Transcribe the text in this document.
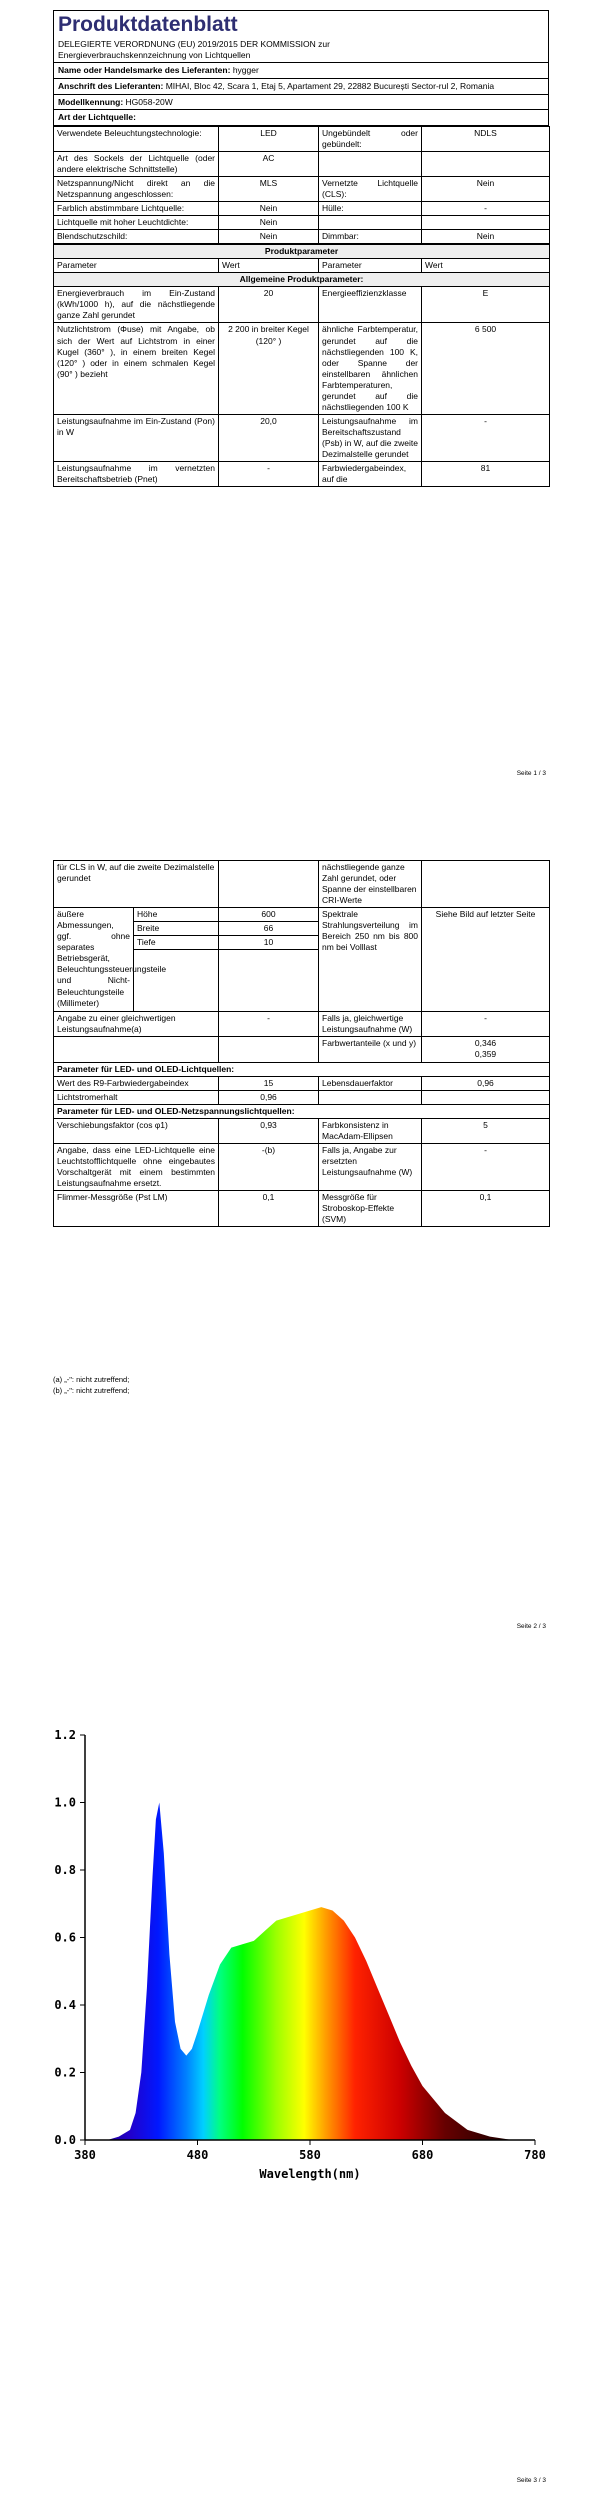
Produktdatenblatt
DELEGIERTE VERORDNUNG (EU) 2019/2015 DER KOMMISSION zur Energieverbrauchskennzeichnung von Lichtquellen
Name oder Handelsmarke des Lieferanten: hygger
Anschrift des Lieferanten: MIHAI, Bloc 42, Scara 1, Etaj 5, Apartament 29, 22882 București Sector-rul 2, Romania
Modellkennung: HG058-20W
Art der Lichtquelle:
Verwendete Beleuchtungstechnologie:	LED	Ungebündelt oder gebündelt:	NDLS
Art des Sockels der Lichtquelle (oder andere elektrische Schnittstelle)	AC		
Netzspannung/Nicht direkt an die Netzspannung angeschlossen:	MLS	Vernetzte Lichtquelle (CLS):	Nein
Farblich abstimmbare Lichtquelle:	Nein	Hülle:	-
Lichtquelle mit hoher Leuchtdichte:	Nein		
Blendschutzschild:	Nein	Dimmbar:	Nein
Produktparameter			
Parameter	Wert	Parameter	Wert
Allgemeine Produktparameter:			
Energieverbrauch im Ein-Zustand (kWh/1000 h), auf die nächstliegende ganze Zahl gerundet	20	Energieeffizienzklasse	E
Nutzlichtstrom (Φuse) mit Angabe, ob sich der Wert auf Lichtstrom in einer Kugel (360° ), in einem breiten Kegel (120° ) oder in einem schmalen Kegel (90° ) bezieht	2 200 in breiter Kegel (120° )	ähnliche Farbtemperatur, gerundet auf die nächstliegenden 100 K, oder Spanne der einstellbaren ähnlichen Farbtemperaturen, gerundet auf die nächstliegenden 100 K	6 500
Leistungsaufnahme im Ein-Zustand (Pon) in W	20,0	Leistungsaufnahme im Bereitschaftszustand (Psb) in W, auf die zweite Dezimalstelle gerundet	-
Leistungsaufnahme im vernetzten Bereitschaftsbetrieb (Pnet)	-	Farbwiedergabeindex, auf die	81
Seite 1 / 3
für CLS in W, auf die zweite Dezimalstelle gerundet			nächstliegende ganze Zahl gerundet, oder Spanne der einstellbaren CRI-Werte	
äußere Abmessungen, ggf. ohne separates Betriebsgerät, Beleuchtungssteuerungsteile und Nicht-Beleuchtungsteile (Millimeter)	Höhe	600	Spektrale Strahlungsverteilung im Bereich 250 nm bis 800 nm bei Volllast	Siehe Bild auf letzter Seite
	Breite	66		
	Tiefe	10		

Angabe zu einer gleichwertigen Leistungsaufnahme(a)		-	Falls ja, gleichwertige Leistungsaufnahme (W)	-
			Farbwertanteile (x und y)	0,346
0,359

Parameter für LED- und OLED-Lichtquellen:				
Wert des R9-Farbwiedergabeindex		15	Lebensdauerfaktor	0,96
Lichtstromerhalt		0,96		
Parameter für LED- und OLED-Netzspannungslichtquellen:				
Verschiebungsfaktor (cos φ1)		0,93	Farbkonsistenz in MacAdam-Ellipsen	5
Angabe, dass eine LED-Lichtquelle eine Leuchtstofflichtquelle ohne eingebautes Vorschaltgerät mit einem bestimmten Leistungsaufnahme ersetzt.		-(b)	Falls ja, Angabe zur ersetzten Leistungsaufnahme (W)	-
Flimmer-Messgröße (Pst LM)		0,1	Messgröße für Stroboskop-Effekte (SVM)	0,1
(a) „-": nicht zutreffend;
(b) „-": nicht zutreffend;
Seite 2 / 3
Seite 3 / 3
0.0
0.2
0.4
0.6
0.8
1.0
1.2
380	480	580	680	780
Wavelength(nm)
